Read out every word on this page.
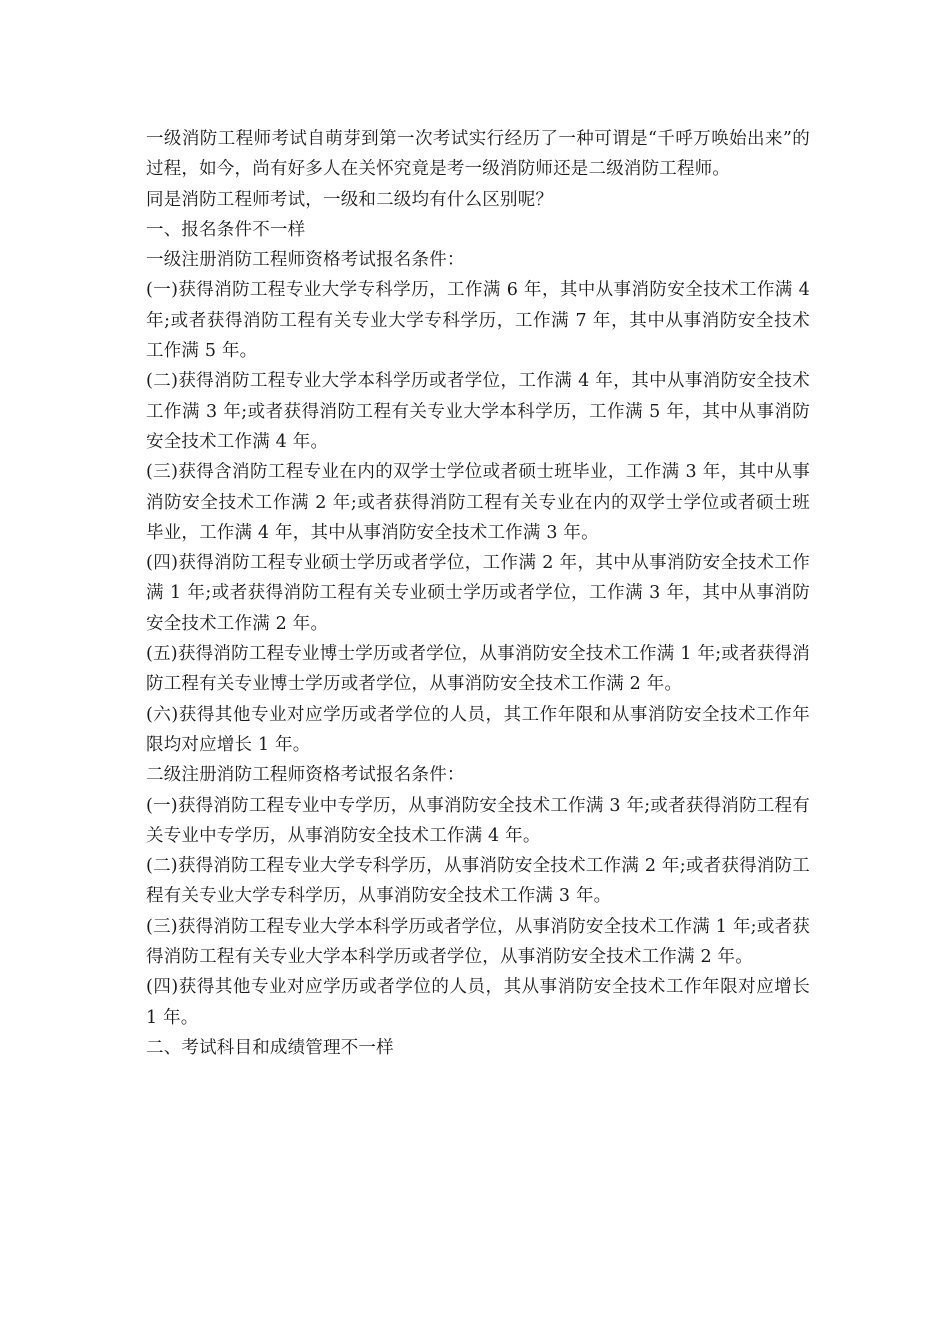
一级消防工程师考试自萌芽到第一次考试实行经历了一种可谓是“千呼万唤始出来”的过程，如今，尚有好多人在关怀究竟是考一级消防师还是二级消防工程师。

同是消防工程师考试，一级和二级均有什么区别呢？

一、报名条件不一样

一级注册消防工程师资格考试报名条件：

(一)获得消防工程专业大学专科学历，工作满 6 年，其中从事消防安全技术工作满 4 年;或者获得消防工程有关专业大学专科学历，工作满 7 年，其中从事消防安全技术工作满 5 年。

(二)获得消防工程专业大学本科学历或者学位，工作满 4 年，其中从事消防安全技术工作满 3 年;或者获得消防工程有关专业大学本科学历，工作满 5 年，其中从事消防安全技术工作满 4 年。

(三)获得含消防工程专业在内的双学士学位或者硕士班毕业，工作满 3 年，其中从事消防安全技术工作满 2 年;或者获得消防工程有关专业在内的双学士学位或者硕士班毕业，工作满 4 年，其中从事消防安全技术工作满 3 年。

(四)获得消防工程专业硕士学历或者学位，工作满 2 年，其中从事消防安全技术工作满 1 年;或者获得消防工程有关专业硕士学历或者学位，工作满 3 年，其中从事消防安全技术工作满 2 年。

(五)获得消防工程专业博士学历或者学位，从事消防安全技术工作满 1 年;或者获得消防工程有关专业博士学历或者学位，从事消防安全技术工作满 2 年。

(六)获得其他专业对应学历或者学位的人员，其工作年限和从事消防安全技术工作年限均对应增长 1 年。

二级注册消防工程师资格考试报名条件：

(一)获得消防工程专业中专学历，从事消防安全技术工作满 3 年;或者获得消防工程有关专业中专学历，从事消防安全技术工作满 4 年。

(二)获得消防工程专业大学专科学历，从事消防安全技术工作满 2 年;或者获得消防工程有关专业大学专科学历，从事消防安全技术工作满 3 年。

(三)获得消防工程专业大学本科学历或者学位，从事消防安全技术工作满 1 年;或者获得消防工程有关专业大学本科学历或者学位，从事消防安全技术工作满 2 年。

(四)获得其他专业对应学历或者学位的人员，其从事消防安全技术工作年限对应增长 1 年。

二、考试科目和成绩管理不一样
